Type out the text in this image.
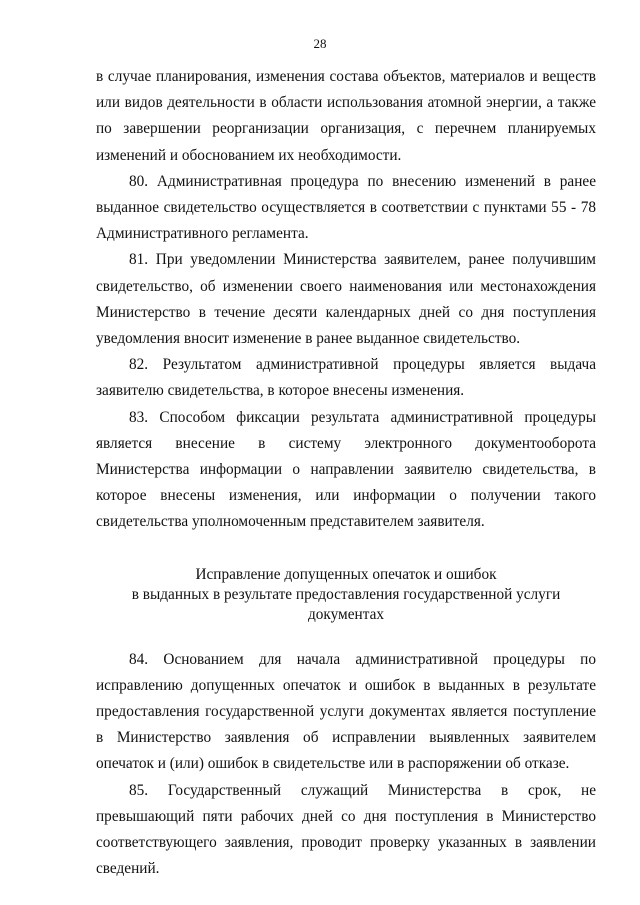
28

в случае планирования, изменения состава объектов, материалов и веществ или видов деятельности в области использования атомной энергии, а также по завершении реорганизации организация, с перечнем планируемых изменений и обоснованием их необходимости.

80. Административная процедура по внесению изменений в ранее выданное свидетельство осуществляется в соответствии с пунктами 55 - 78 Административного регламента.

81. При уведомлении Министерства заявителем, ранее получившим свидетельство, об изменении своего наименования или местонахождения Министерство в течение десяти календарных дней со дня поступления уведомления вносит изменение в ранее выданное свидетельство.

82. Результатом административной процедуры является выдача заявителю свидетельства, в которое внесены изменения.

83. Способом фиксации результата административной процедуры является внесение в систему электронного документооборота Министерства информации о направлении заявителю свидетельства, в которое внесены изменения, или информации о получении такого свидетельства уполномоченным представителем заявителя.

Исправление допущенных опечаток и ошибок
в выданных в результате предоставления государственной услуги
документах

84. Основанием для начала административной процедуры по исправлению допущенных опечаток и ошибок в выданных в результате предоставления государственной услуги документах является поступление в Министерство заявления об исправлении выявленных заявителем опечаток и (или) ошибок в свидетельстве или в распоряжении об отказе.

85. Государственный служащий Министерства в срок, не превышающий пяти рабочих дней со дня поступления в Министерство соответствующего заявления, проводит проверку указанных в заявлении сведений.
